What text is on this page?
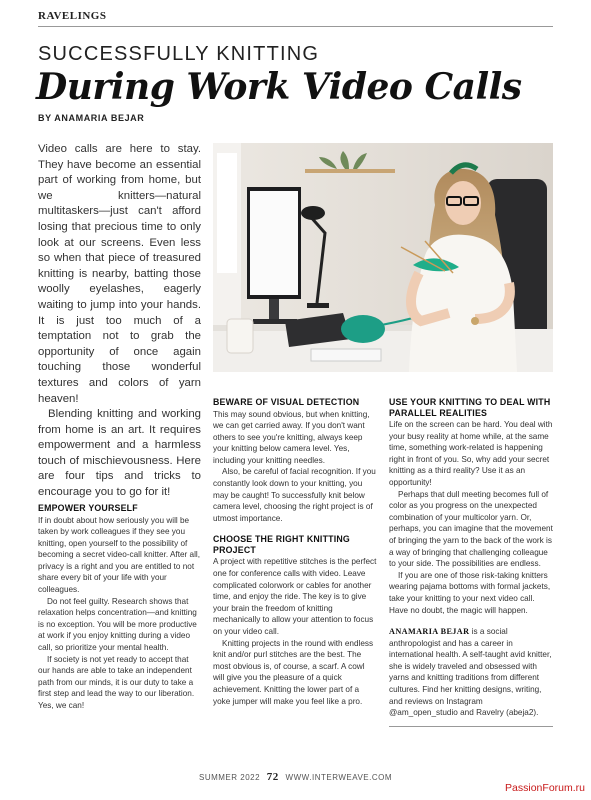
RAVELINGS
SUCCESSFULLY KNITTING
During Work Video Calls
BY ANAMARIA BEJAR

Video calls are here to stay. They have become an essential part of working from home, but we knitters—natural multitaskers—just can't afford losing that precious time to only look at our screens. Even less so when that piece of treasured knitting is nearby, batting those woolly eyelashes, eagerly waiting to jump into your hands. It is just too much of a temptation not to grab the opportunity of once again touching those wonderful textures and colors of yarn heaven!

Blending knitting and working from home is an art. It requires empowerment and a harmless touch of mischievousness. Here are four tips and tricks to encourage you to go for it!

EMPOWER YOURSELF

If in doubt about how seriously you will be taken by work colleagues if they see you knitting, open yourself to the possibility of becoming a secret video-call knitter. After all, privacy is a right and you are entitled to not share every bit of your life with your colleagues.

Do not feel guilty. Research shows that relaxation helps concentration—and knitting is no exception. You will be more productive at work if you enjoy knitting during a video call, so prioritize your mental health.

If society is not yet ready to accept that our hands are able to take an independent path from our minds, it is our duty to take a first step and lead the way to our liberation. Yes, we can!

BEWARE OF VISUAL DETECTION

This may sound obvious, but when knitting, we can get carried away. If you don't want others to see you're knitting, always keep your knitting below camera level. Yes, including your knitting needles.

Also, be careful of facial recognition. If you constantly look down to your knitting, you may be caught! To successfully knit below camera level, choosing the right project is of utmost importance.

CHOOSE THE RIGHT KNITTING PROJECT

A project with repetitive stitches is the perfect one for conference calls with video. Leave complicated colorwork or cables for another time, and enjoy the ride. The key is to give your brain the freedom of knitting mechanically to allow your attention to focus on your video call.

Knitting projects in the round with endless knit and/or purl stitches are the best. The most obvious is, of course, a scarf. A cowl will give you the pleasure of a quick achievement. Knitting the lower part of a yoke jumper will make you feel like a pro.

USE YOUR KNITTING TO DEAL WITH PARALLEL REALITIES

Life on the screen can be hard. You deal with your busy reality at home while, at the same time, something work-related is happening right in front of you. So, why add your secret knitting as a third reality? Use it as an opportunity!

Perhaps that dull meeting becomes full of color as you progress on the unexpected combination of your multicolor yarn. Or, perhaps, you can imagine that the movement of bringing the yarn to the back of the work is a way of bringing that challenging colleague to your side. The possibilities are endless.

If you are one of those risk-taking knitters wearing pajama bottoms with formal jackets, take your knitting to your next video call. Have no doubt, the magic will happen.

ANAMARIA BEJAR is a social anthropologist and has a career in international health. A self-taught avid knitter, she is widely traveled and obsessed with yarns and knitting traditions from different cultures. Find her knitting designs, writing, and reviews on Instagram @am_open_studio and Ravelry (abeja2).

SUMMER 2022 72 WWW.INTERWEAVE.COM
PassionForum.ru
